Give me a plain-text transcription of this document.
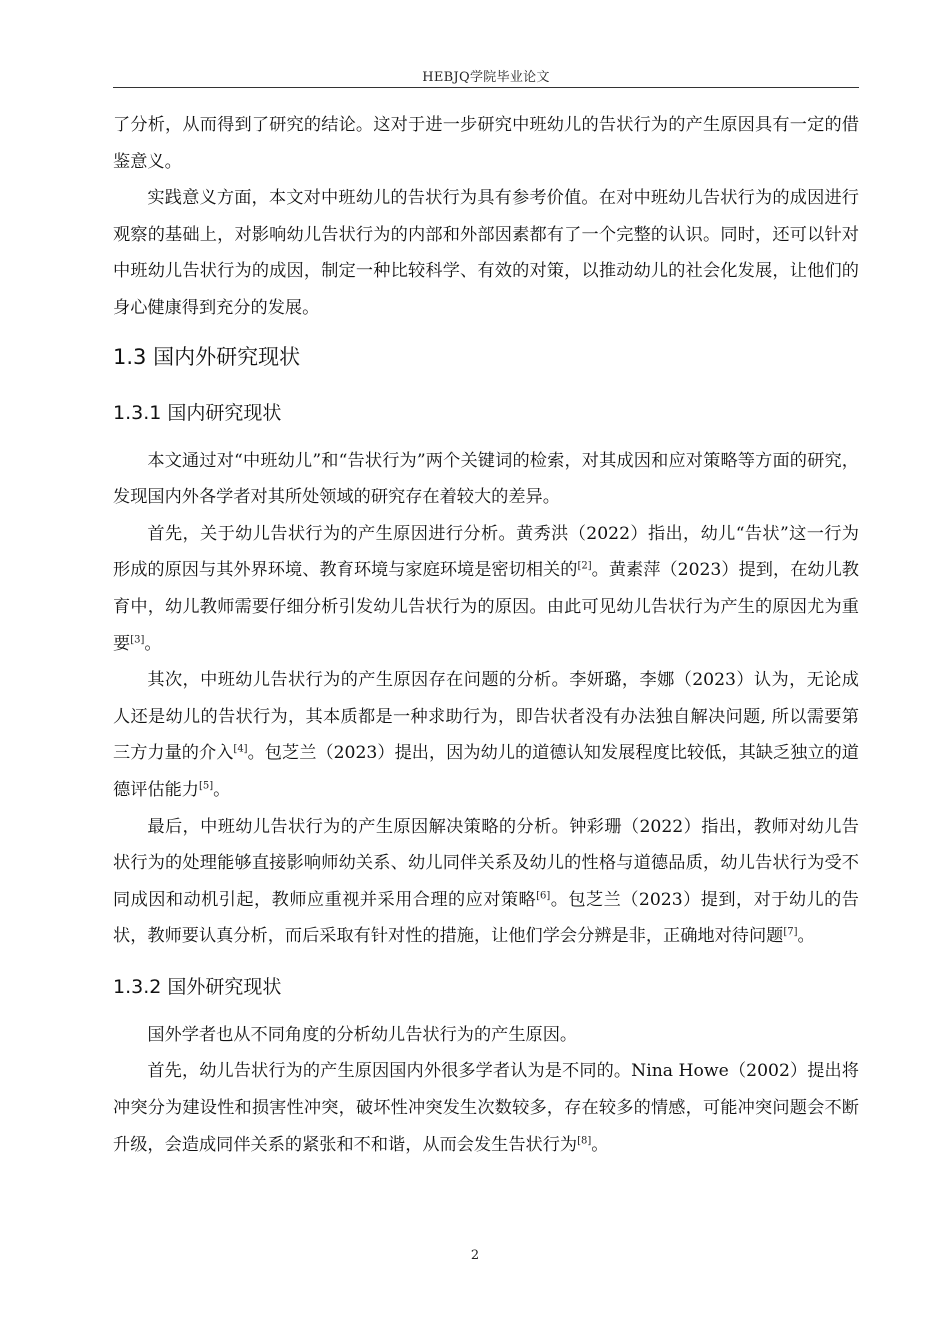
HEBJQ学院毕业论文

了分析，从而得到了研究的结论。这对于进一步研究中班幼儿的告状行为的产生原因具有一定的借鉴意义。

实践意义方面，本文对中班幼儿的告状行为具有参考价值。在对中班幼儿告状行为的成因进行观察的基础上，对影响幼儿告状行为的内部和外部因素都有了一个完整的认识。同时，还可以针对中班幼儿告状行为的成因，制定一种比较科学、有效的对策，以推动幼儿的社会化发展，让他们的身心健康得到充分的发展。

1.3 国内外研究现状
1.3.1 国内研究现状

本文通过对“中班幼儿”和“告状行为”两个关键词的检索，对其成因和应对策略等方面的研究，发现国内外各学者对其所处领域的研究存在着较大的差异。

首先，关于幼儿告状行为的产生原因进行分析。黄秀洪（2022）指出，幼儿“告状”这一行为形成的原因与其外界环境、教育环境与家庭环境是密切相关的[2]。黄素萍（2023）提到，在幼儿教育中，幼儿教师需要仔细分析引发幼儿告状行为的原因。由此可见幼儿告状行为产生的原因尤为重要[3]。

其次，中班幼儿告状行为的产生原因存在问题的分析。李妍璐，李娜（2023）认为，无论成人还是幼儿的告状行为，其本质都是一种求助行为，即告状者没有办法独自解决问题, 所以需要第三方力量的介入[4]。包芝兰（2023）提出，因为幼儿的道德认知发展程度比较低，其缺乏独立的道德评估能力[5]。

最后，中班幼儿告状行为的产生原因解决策略的分析。钟彩珊（2022）指出，教师对幼儿告状行为的处理能够直接影响师幼关系、幼儿同伴关系及幼儿的性格与道德品质，幼儿告状行为受不同成因和动机引起，教师应重视并采用合理的应对策略[6]。包芝兰（2023）提到，对于幼儿的告状，教师要认真分析，而后采取有针对性的措施，让他们学会分辨是非，正确地对待问题[7]。

1.3.2 国外研究现状

国外学者也从不同角度的分析幼儿告状行为的产生原因。

首先，幼儿告状行为的产生原因国内外很多学者认为是不同的。Nina Howe（2002）提出将冲突分为建设性和损害性冲突，破坏性冲突发生次数较多，存在较多的情感，可能冲突问题会不断升级，会造成同伴关系的紧张和不和谐，从而会发生告状行为[8]。

2
